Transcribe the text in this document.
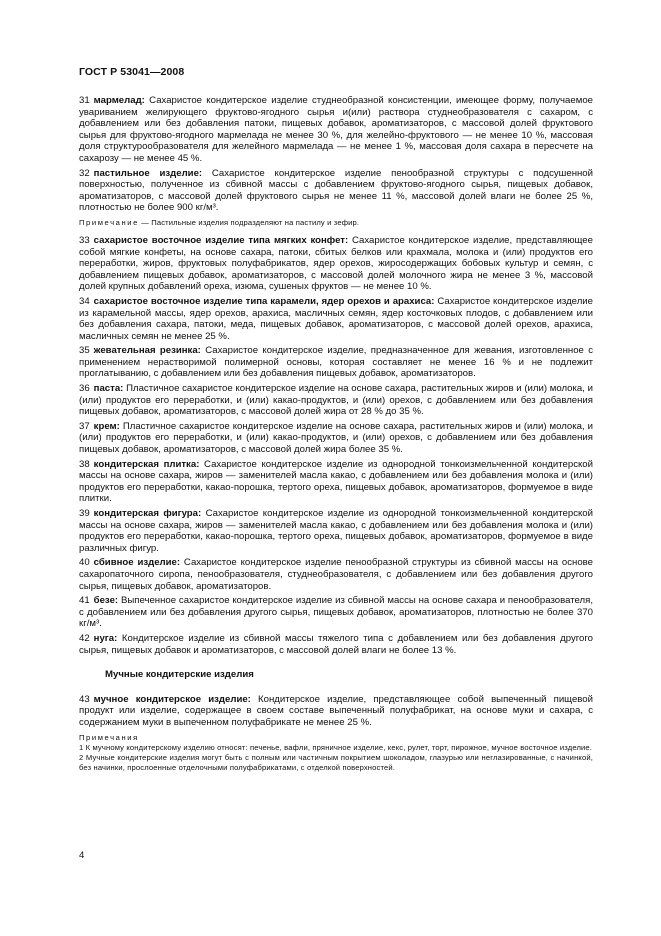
ГОСТ Р 53041—2008

31 мармелад: Сахаристое кондитерское изделие студнеобразной консистенции, имеющее форму, получаемое увариванием желирующего фруктово-ягодного сырья и(или) раствора студнеобразователя с сахаром, с добавлением или без добавления патоки, пищевых добавок, ароматизаторов, с массовой долей фруктового сырья для фруктово-ягодного мармелада не менее 30 %, для желейно-фруктового — не менее 10 %, массовая доля структурообразователя для желейного мармелада — не менее 1 %, массовая доля сахара в пересчете на сахарозу — не менее 45 %.

32 пастильное изделие: Сахаристое кондитерское изделие пенообразной структуры с подсушенной поверхностью, полученное из сбивной массы с добавлением фруктово-ягодного сырья, пищевых добавок, ароматизаторов, с массовой долей фруктового сырья не менее 11 %, массовой долей влаги не более 25 %, плотностью не более 900 кг/м³.

Примечание — Пастильные изделия подразделяют на пастилу и зефир.

33 сахаристое восточное изделие типа мягких конфет: Сахаристое кондитерское изделие, представляющее собой мягкие конфеты, на основе сахара, патоки, сбитых белков или крахмала, молока и (или) продуктов его переработки, жиров, фруктовых полуфабрикатов, ядер орехов, жиросодержащих бобовых культур и семян, с добавлением пищевых добавок, ароматизаторов, с массовой долей молочного жира не менее 3 %, массовой долей крупных добавлений ореха, изюма, сушеных фруктов — не менее 10 %.

34 сахаристое восточное изделие типа карамели, ядер орехов и арахиса: Сахаристое кондитерское изделие из карамельной массы, ядер орехов, арахиса, масличных семян, ядер косточковых плодов, с добавлением или без добавления сахара, патоки, меда, пищевых добавок, ароматизаторов, с массовой долей орехов, арахиса, масличных семян не менее 25 %.

35 жевательная резинка: Сахаристое кондитерское изделие, предназначенное для жевания, изготовленное с применением нерастворимой полимерной основы, которая составляет не менее 16 % и не подлежит проглатыванию, с добавлением или без добавления пищевых добавок, ароматизаторов.

36 паста: Пластичное сахаристое кондитерское изделие на основе сахара, растительных жиров и (или) молока, и (или) продуктов его переработки, и (или) какао-продуктов, и (или) орехов, с добавлением или без добавления пищевых добавок, ароматизаторов, с массовой долей жира от 28 % до 35 %.

37 крем: Пластичное сахаристое кондитерское изделие на основе сахара, растительных жиров и (или) молока, и (или) продуктов его переработки, и (или) какао-продуктов, и (или) орехов, с добавлением или без добавления пищевых добавок, ароматизаторов, с массовой долей жира более 35 %.

38 кондитерская плитка: Сахаристое кондитерское изделие из однородной тонкоизмельченной кондитерской массы на основе сахара, жиров — заменителей масла какао, с добавлением или без добавления молока и (или) продуктов его переработки, какао-порошка, тертого ореха, пищевых добавок, ароматизаторов, формуемое в виде плитки.

39 кондитерская фигура: Сахаристое кондитерское изделие из однородной тонкоизмельченной кондитерской массы на основе сахара, жиров — заменителей масла какао, с добавлением или без добавления молока и (или) продуктов его переработки, какао-порошка, тертого ореха, пищевых добавок, ароматизаторов, формуемое в виде различных фигур.

40 сбивное изделие: Сахаристое кондитерское изделие пенообразной структуры из сбивной массы на основе сахаропаточного сиропа, пенообразователя, студнеобразователя, с добавлением или без добавления другого сырья, пищевых добавок, ароматизаторов.

41 безе: Выпеченное сахаристое кондитерское изделие из сбивной массы на основе сахара и пенообразователя, с добавлением или без добавления другого сырья, пищевых добавок, ароматизаторов, плотностью не более 370 кг/м³.

42 нуга: Кондитерское изделие из сбивной массы тяжелого типа с добавлением или без добавления другого сырья, пищевых добавок и ароматизаторов, с массовой долей влаги не более 13 %.

Мучные кондитерские изделия

43 мучное кондитерское изделие: Кондитерское изделие, представляющее собой выпеченный пищевой продукт или изделие, содержащее в своем составе выпеченный полуфабрикат, на основе муки и сахара, с содержанием муки в выпеченном полуфабрикате не менее 25 %.

Примечания
1 К мучному кондитерскому изделию относят: печенье, вафли, пряничное изделие, кекс, рулет, торт, пирожное, мучное восточное изделие.
2 Мучные кондитерские изделия могут быть с полным или частичным покрытием шоколадом, глазурью или неглазированные, с начинкой, без начинки, прослоенные отделочными полуфабрикатами, с отделкой поверхностей.
4
